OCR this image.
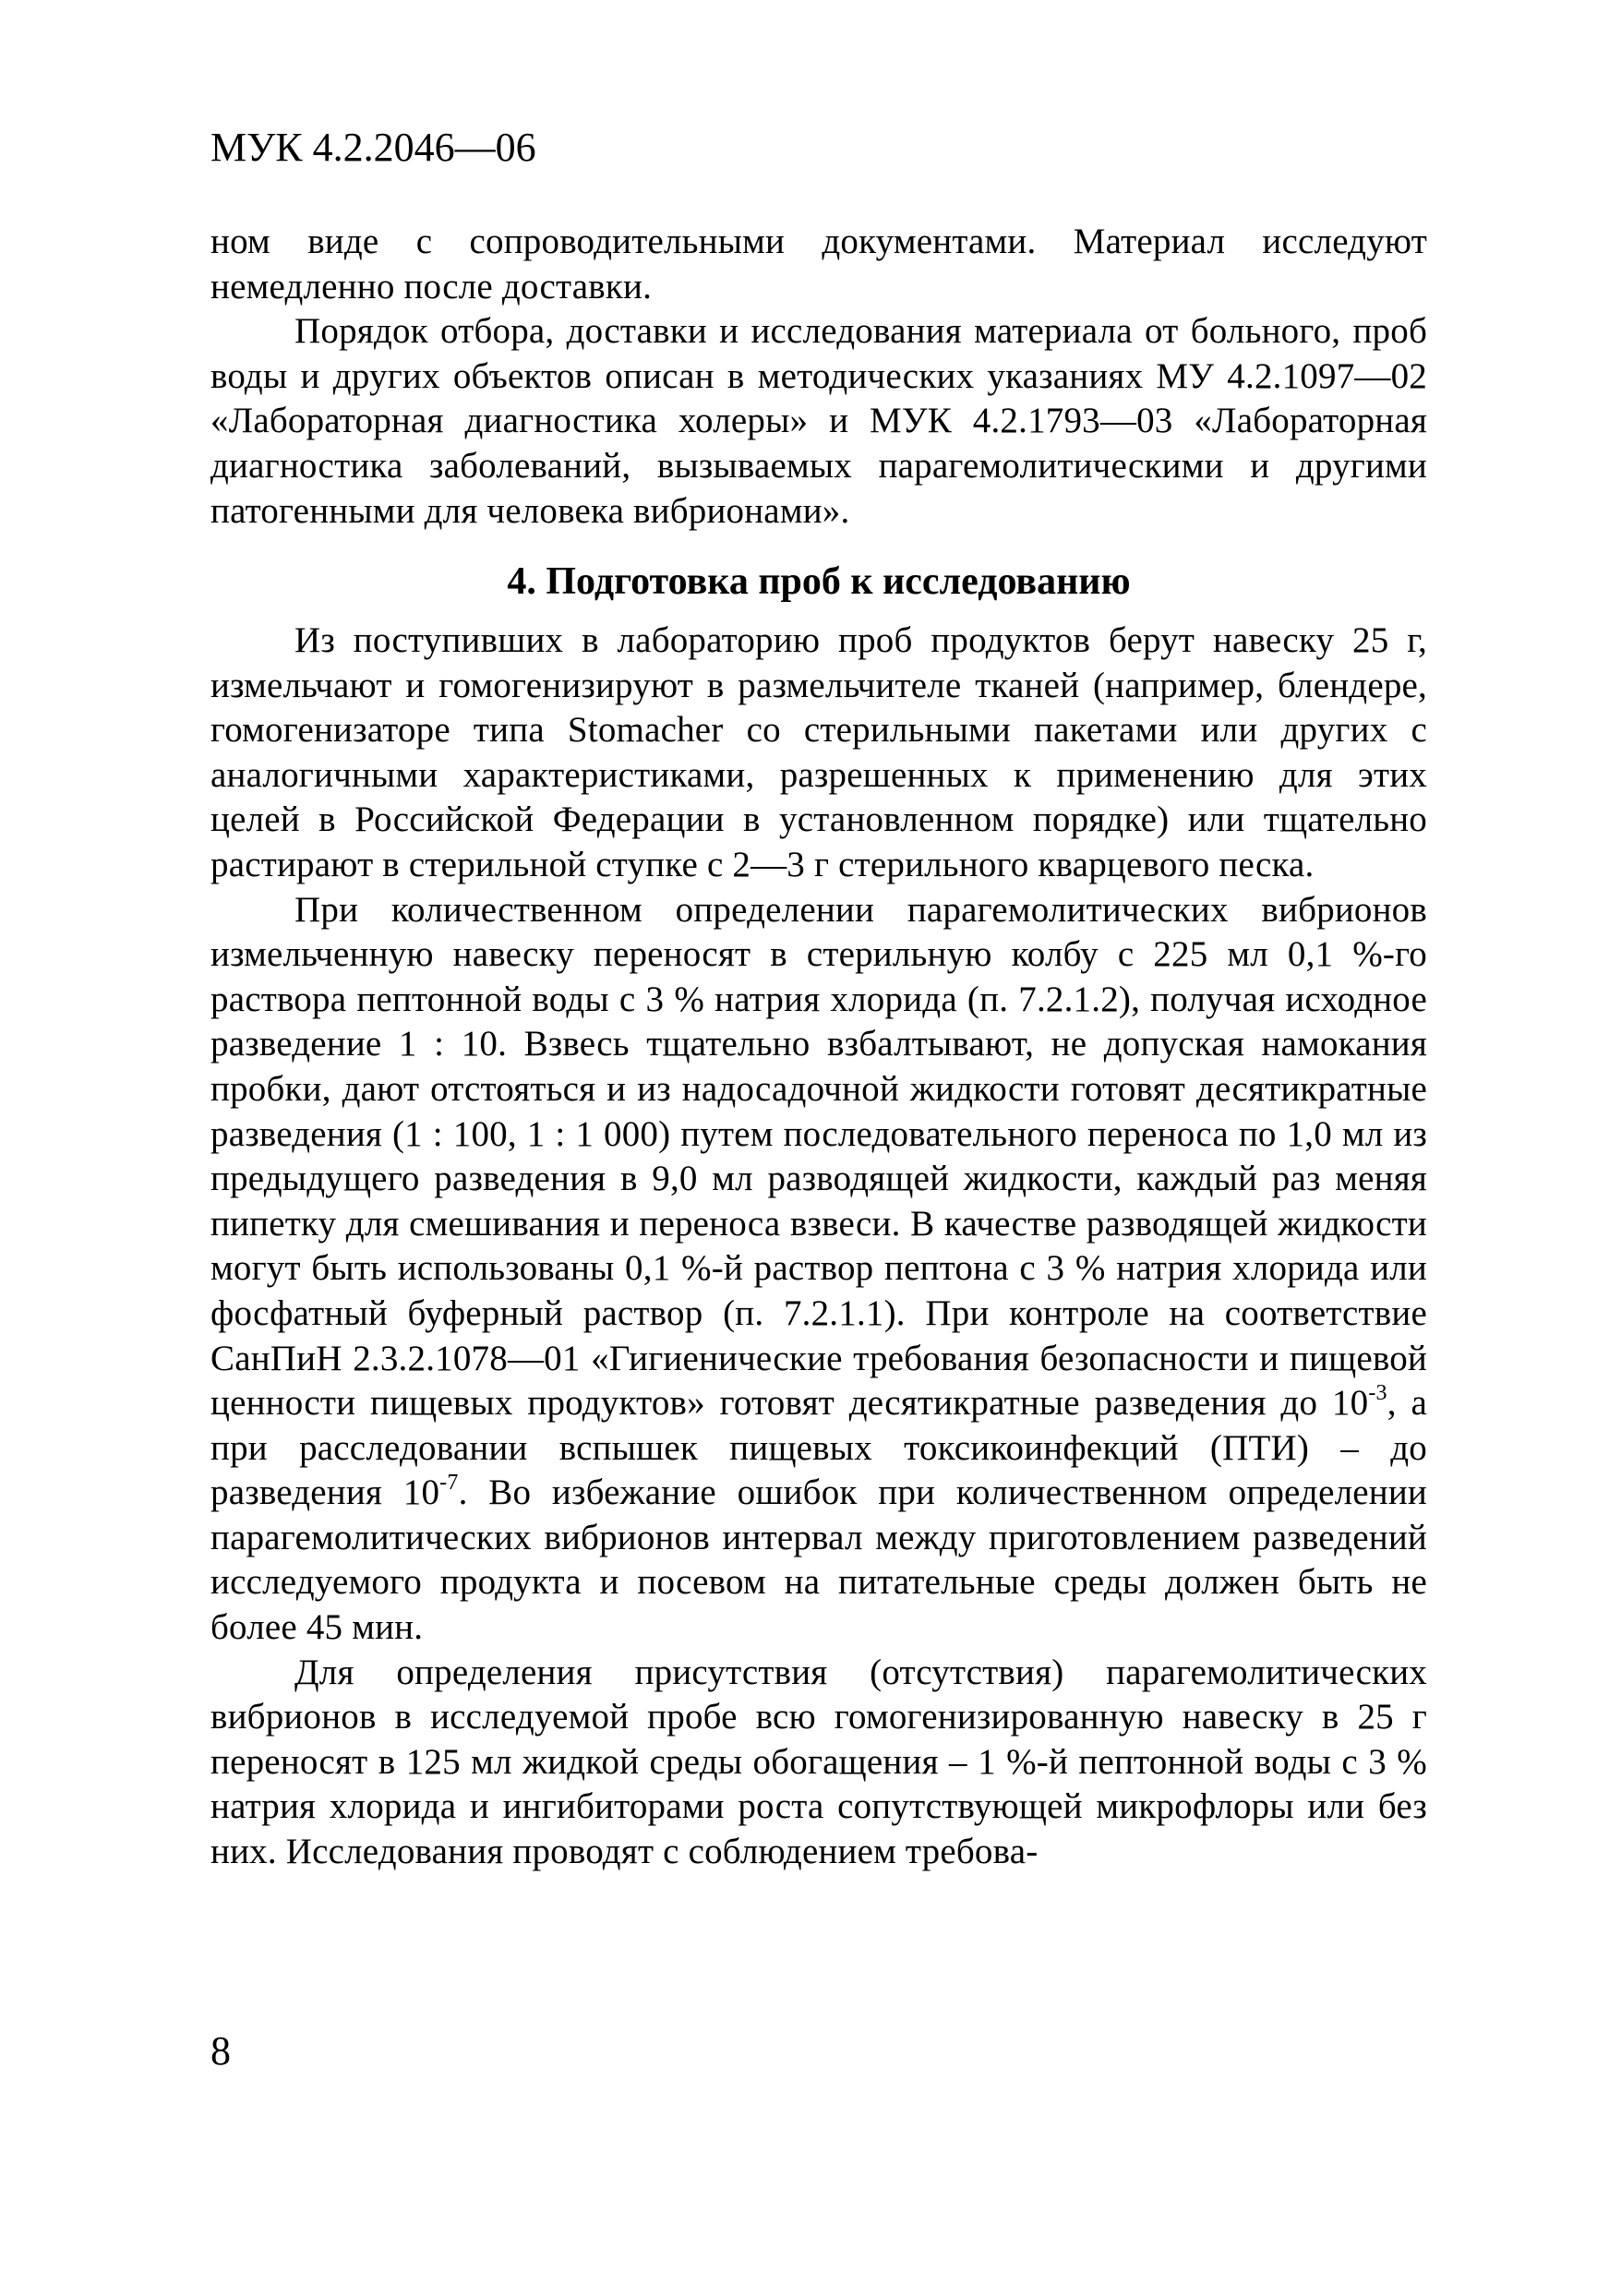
МУК 4.2.2046—06

ном виде с сопроводительными документами. Материал исследуют немедленно после доставки.

Порядок отбора, доставки и исследования материала от больного, проб воды и других объектов описан в методических указаниях МУ 4.2.1097—02 «Лабораторная диагностика холеры» и МУК 4.2.1793—03 «Лабораторная диагностика заболеваний, вызываемых парагемолитическими и другими патогенными для человека вибрионами».

4. Подготовка проб к исследованию

Из поступивших в лабораторию проб продуктов берут навеску 25 г, измельчают и гомогенизируют в размельчителе тканей (например, блендере, гомогенизаторе типа Stomacher со стерильными пакетами или других с аналогичными характеристиками, разрешенных к применению для этих целей в Российской Федерации в установленном порядке) или тщательно растирают в стерильной ступке с 2—3 г стерильного кварцевого песка.

При количественном определении парагемолитических вибрионов измельченную навеску переносят в стерильную колбу с 225 мл 0,1 %-го раствора пептонной воды с 3 % натрия хлорида (п. 7.2.1.2), получая исходное разведение 1 : 10. Взвесь тщательно взбалтывают, не допуская намокания пробки, дают отстояться и из надосадочной жидкости готовят десятикратные разведения (1 : 100, 1 : 1 000) путем последовательного переноса по 1,0 мл из предыдущего разведения в 9,0 мл разводящей жидкости, каждый раз меняя пипетку для смешивания и переноса взвеси. В качестве разводящей жидкости могут быть использованы 0,1 %-й раствор пептона с 3 % натрия хлорида или фосфатный буферный раствор (п. 7.2.1.1). При контроле на соответствие СанПиН 2.3.2.1078—01 «Гигиенические требования безопасности и пищевой ценности пищевых продуктов» готовят десятикратные разведения до $10^{-3}$, а при расследовании вспышек пищевых токсикоинфекций (ПТИ) – до разведения $10^{-7}$. Во избежание ошибок при количественном определении парагемолитических вибрионов интервал между приготовлением разведений исследуемого продукта и посевом на питательные среды должен быть не более 45 мин.

Для определения присутствия (отсутствия) парагемолитических вибрионов в исследуемой пробе всю гомогенизированную навеску в 25 г переносят в 125 мл жидкой среды обогащения – 1 %-й пептонной воды с 3 % натрия хлорида и ингибиторами роста сопутствующей микрофлоры или без них. Исследования проводят с соблюдением требова-

8
